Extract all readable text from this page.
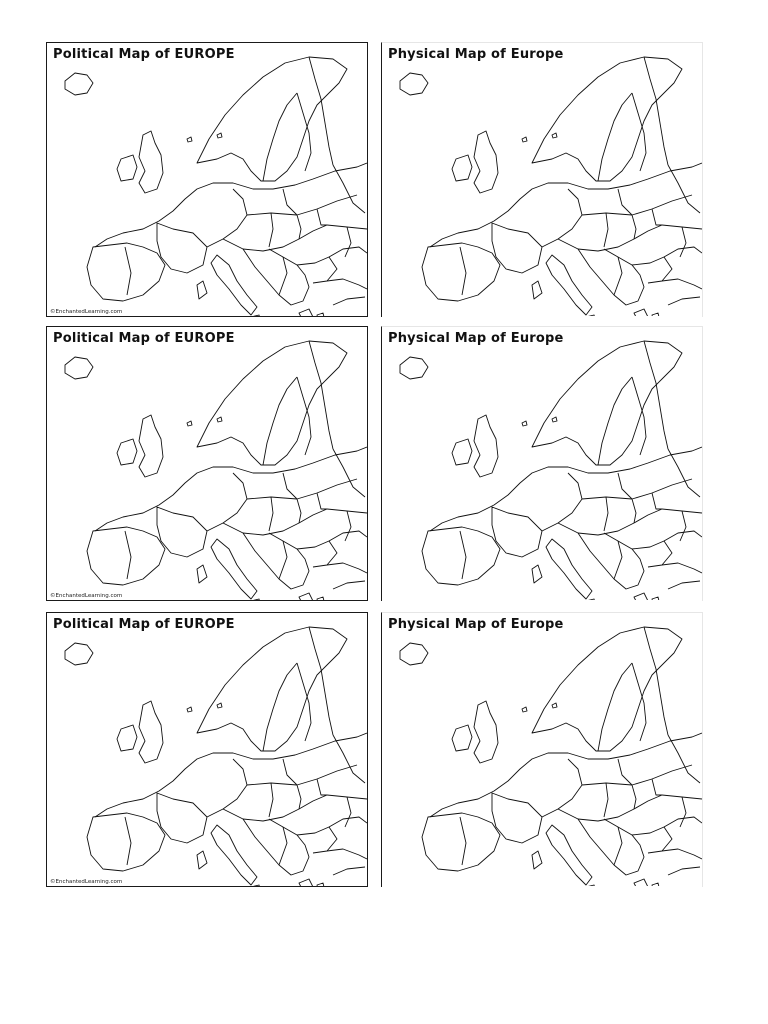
Political Map of EUROPE
©EnchantedLearning.com
Physical Map of Europe
Political Map of EUROPE
©EnchantedLearning.com
Physical Map of Europe
Political Map of EUROPE
©EnchantedLearning.com
Physical Map of Europe
